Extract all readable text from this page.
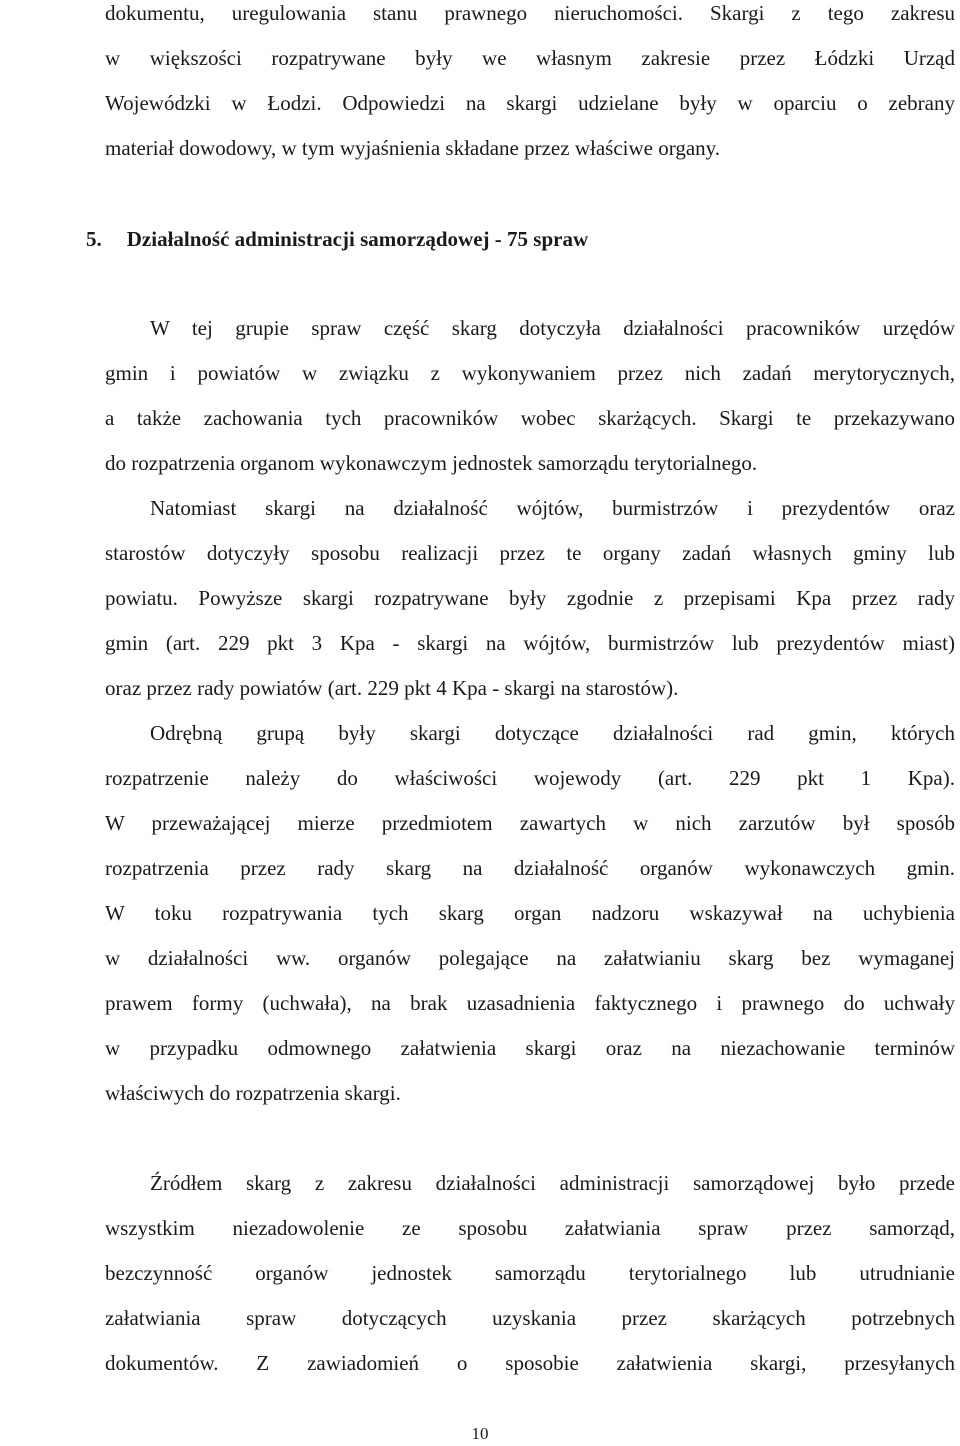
dokumentu, uregulowania stanu prawnego nieruchomości. Skargi z tego zakresu
w większości rozpatrywane były we własnym zakresie przez Łódzki Urząd
Wojewódzki w Łodzi. Odpowiedzi na skargi udzielane były w oparciu o zebrany
materiał dowodowy, w tym wyjaśnienia składane przez właściwe organy.
5. Działalność administracji samorządowej - 75 spraw
W tej grupie spraw część skarg dotyczyła działalności pracowników urzędów
gmin i powiatów w związku z wykonywaniem przez nich zadań merytorycznych,
a także zachowania tych pracowników wobec skarżących. Skargi te przekazywano
do rozpatrzenia organom wykonawczym jednostek samorządu terytorialnego.
Natomiast skargi na działalność wójtów, burmistrzów i prezydentów oraz
starostów dotyczyły sposobu realizacji przez te organy zadań własnych gminy lub
powiatu. Powyższe skargi rozpatrywane były zgodnie z przepisami Kpa przez rady
gmin (art. 229 pkt 3 Kpa - skargi na wójtów, burmistrzów lub prezydentów miast)
oraz przez rady powiatów (art. 229 pkt 4 Kpa - skargi na starostów).
Odrębną grupą były skargi dotyczące działalności rad gmin, których
rozpatrzenie należy do właściwości wojewody (art. 229 pkt 1 Kpa).
W przeważającej mierze przedmiotem zawartych w nich zarzutów był sposób
rozpatrzenia przez rady skarg na działalność organów wykonawczych gmin.
W toku rozpatrywania tych skarg organ nadzoru wskazywał na uchybienia
w działalności ww. organów polegające na załatwianiu skarg bez wymaganej
prawem formy (uchwała), na brak uzasadnienia faktycznego i prawnego do uchwały
w przypadku odmownego załatwienia skargi oraz na niezachowanie terminów
właściwych do rozpatrzenia skargi.
Źródłem skarg z zakresu działalności administracji samorządowej było przede
wszystkim niezadowolenie ze sposobu załatwiania spraw przez samorząd,
bezczynność organów jednostek samorządu terytorialnego lub utrudnianie
załatwiania spraw dotyczących uzyskania przez skarżących potrzebnych
dokumentów. Z zawiadomień o sposobie załatwienia skargi, przesyłanych
10
